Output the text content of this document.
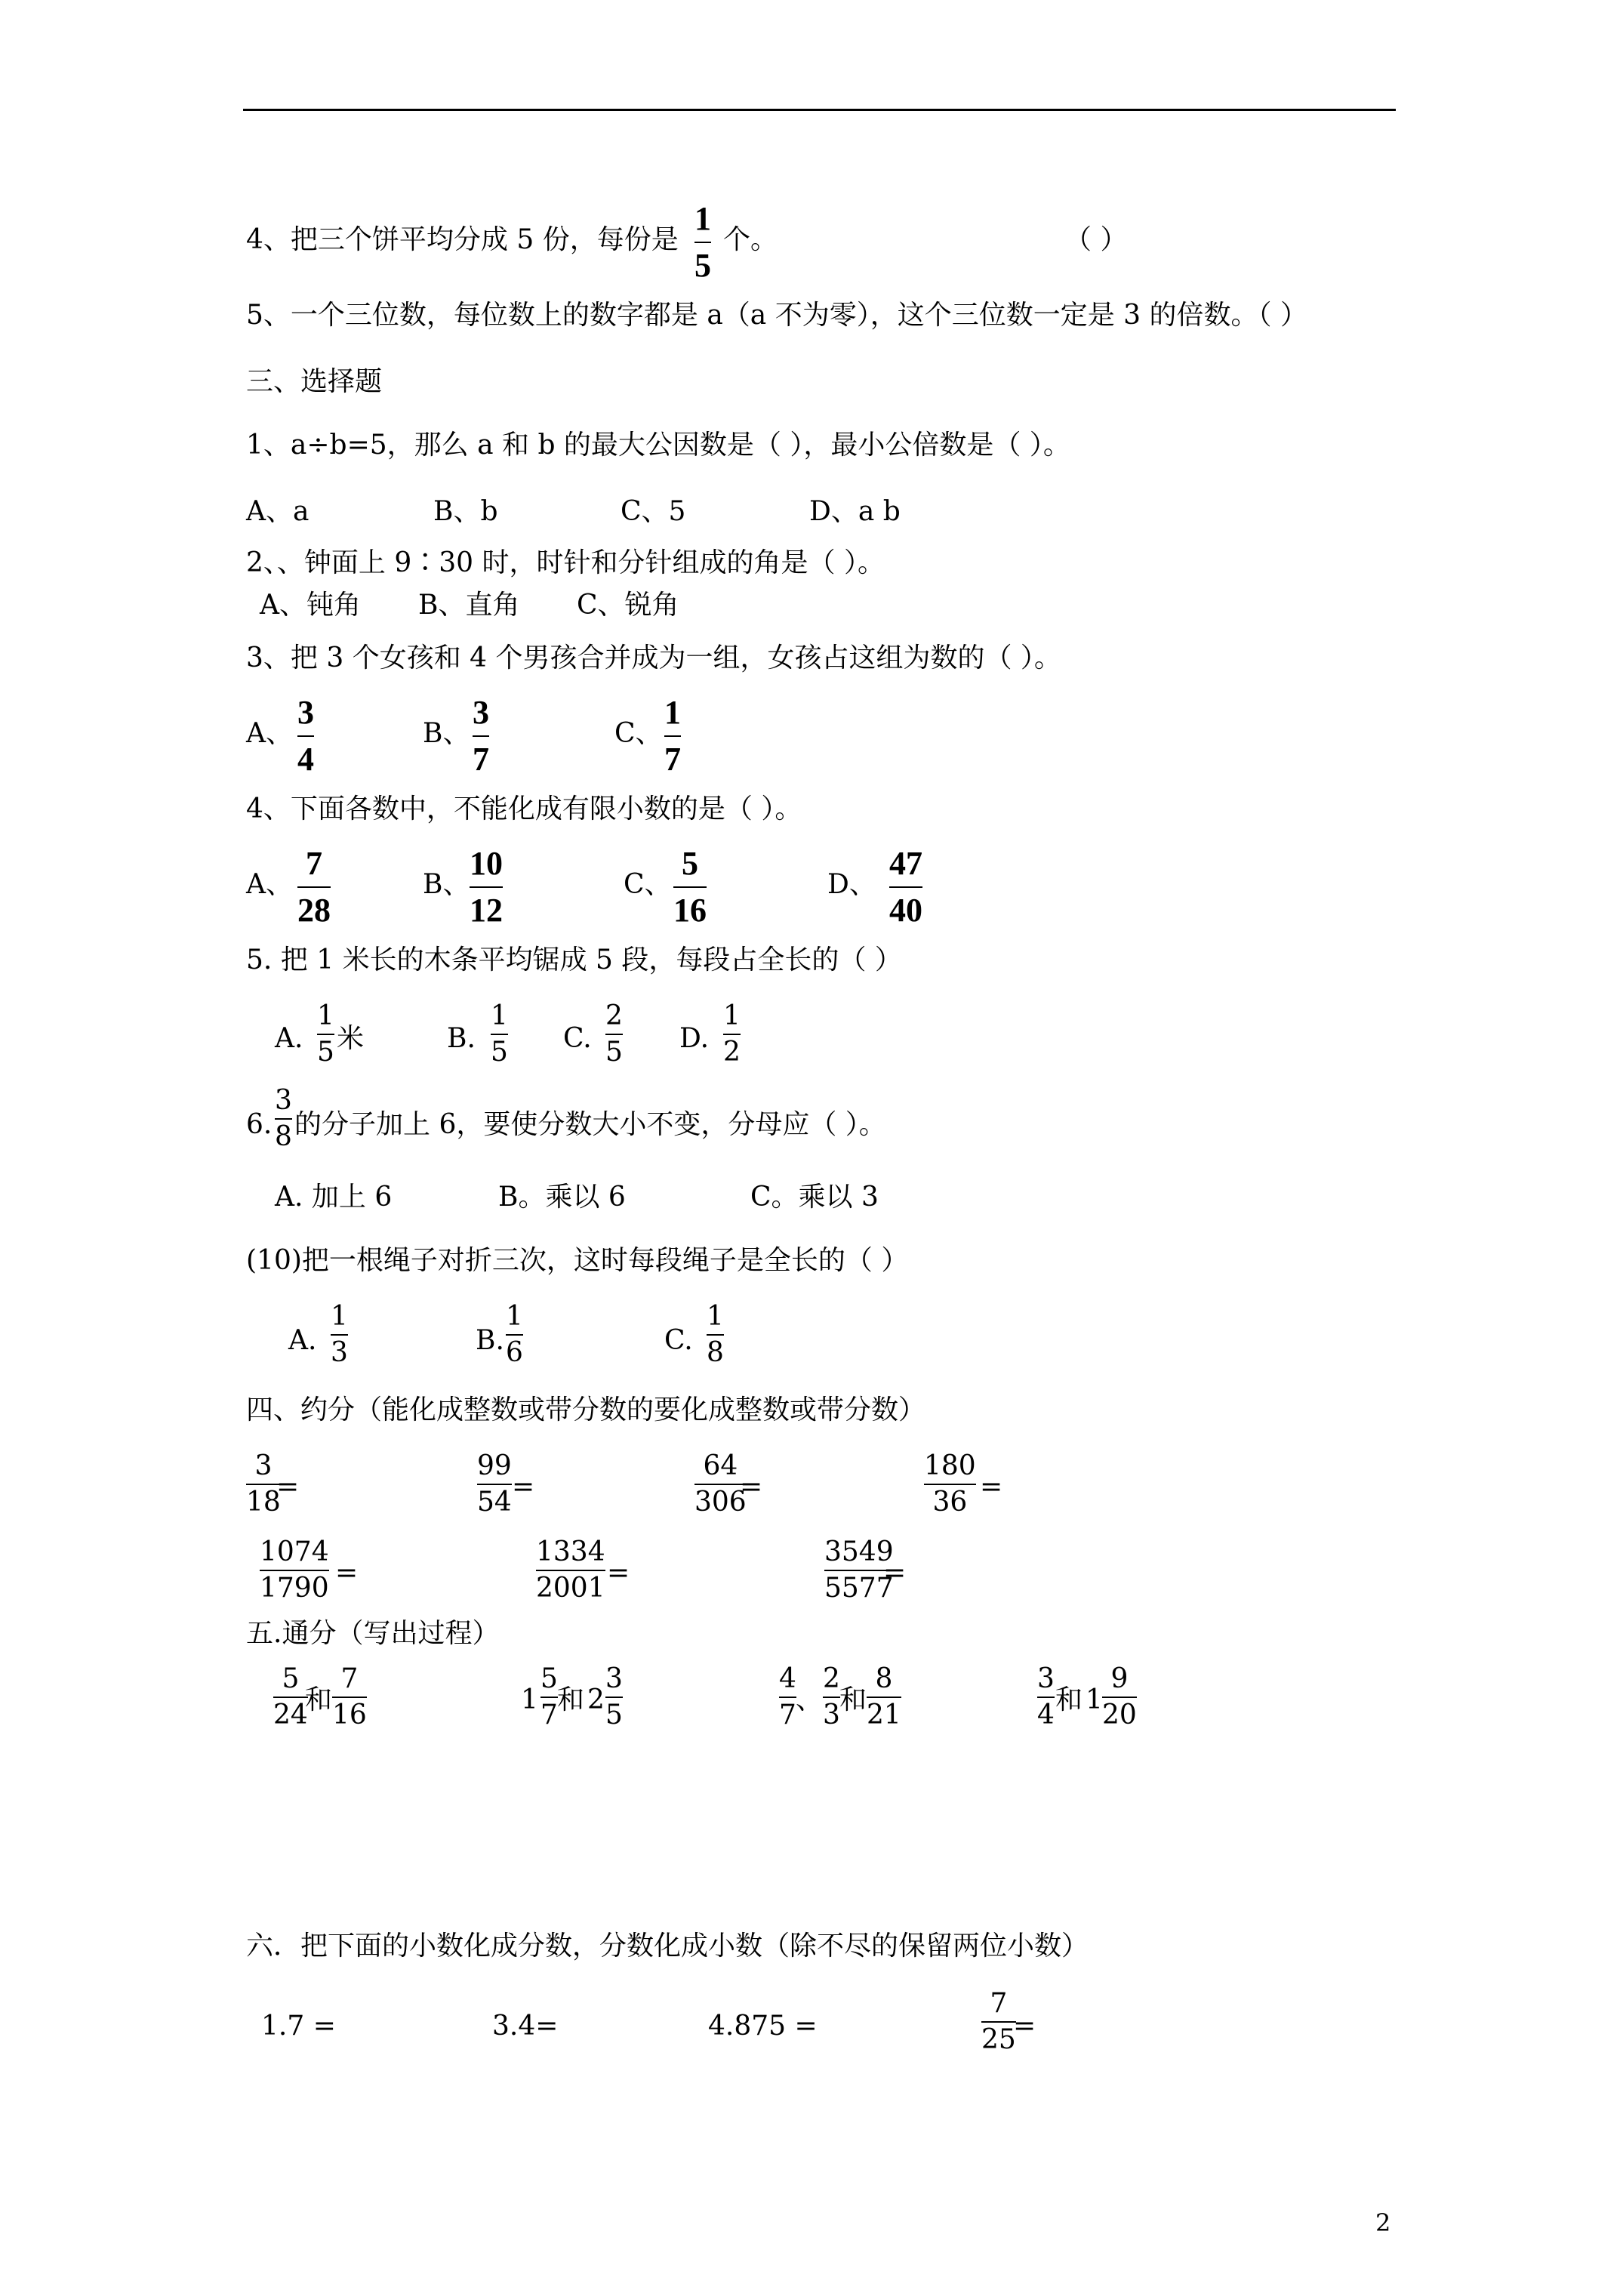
4、把三个饼平均分成 5 份，每份是
1
5
个。	（ ）
5、一个三位数，每位数上的数字都是 a（a 不为零），这个三位数一定是 3 的倍数。（ ）
三、选择题
1、a÷b=5，那么 a 和 b 的最大公因数是（ ），最小公倍数是（ ）。
A、a	B、b	C、5	D、a b
2、、钟面上 9∶30 时，时针和分针组成的角是（ ）。
A、钝角 B、直角 C、锐角
3、把 3 个女孩和 4 个男孩合并成为一组，女孩占这组为数的（ ）。
A、
3
4
B、
3
7
C、
1
7
4、下面各数中，不能化成有限小数的是（ ）。
A、
7
28
B、
10
12
C、
5
16
D、
47
40
5. 把 1 米长的木条平均锯成 5 段，每段占全长的（ ）
A.
1
5 米	B.
1
5 C.
2
5 D.
1
2
6.
3
8 的分子加上 6，要使分数大小不变，分母应（ ）。
A. 加上 6	B。乘以 6	C。乘以 3
(10)把一根绳子对折三次，这时每段绳子是全长的（ ）
A.
1
3	B.
1
6	C.
1
8
四、约分（能化成整数或带分数的要化成整数或带分数）
3
18
=
99
54 =
64
306
=
180
36 =
1074
1790 =
1334
2001 =
3549
5577
=
五.通分（写出过程）
5
24
和
7
16	1
5
7 和 2
3
5
4
7 、
2
3 和
8
21
3
4 和 1
9
20
六．把下面的小数化成分数，分数化成小数（除不尽的保留两位小数）
1.7 =	3.4=	4.875 =
7
25
=
2
